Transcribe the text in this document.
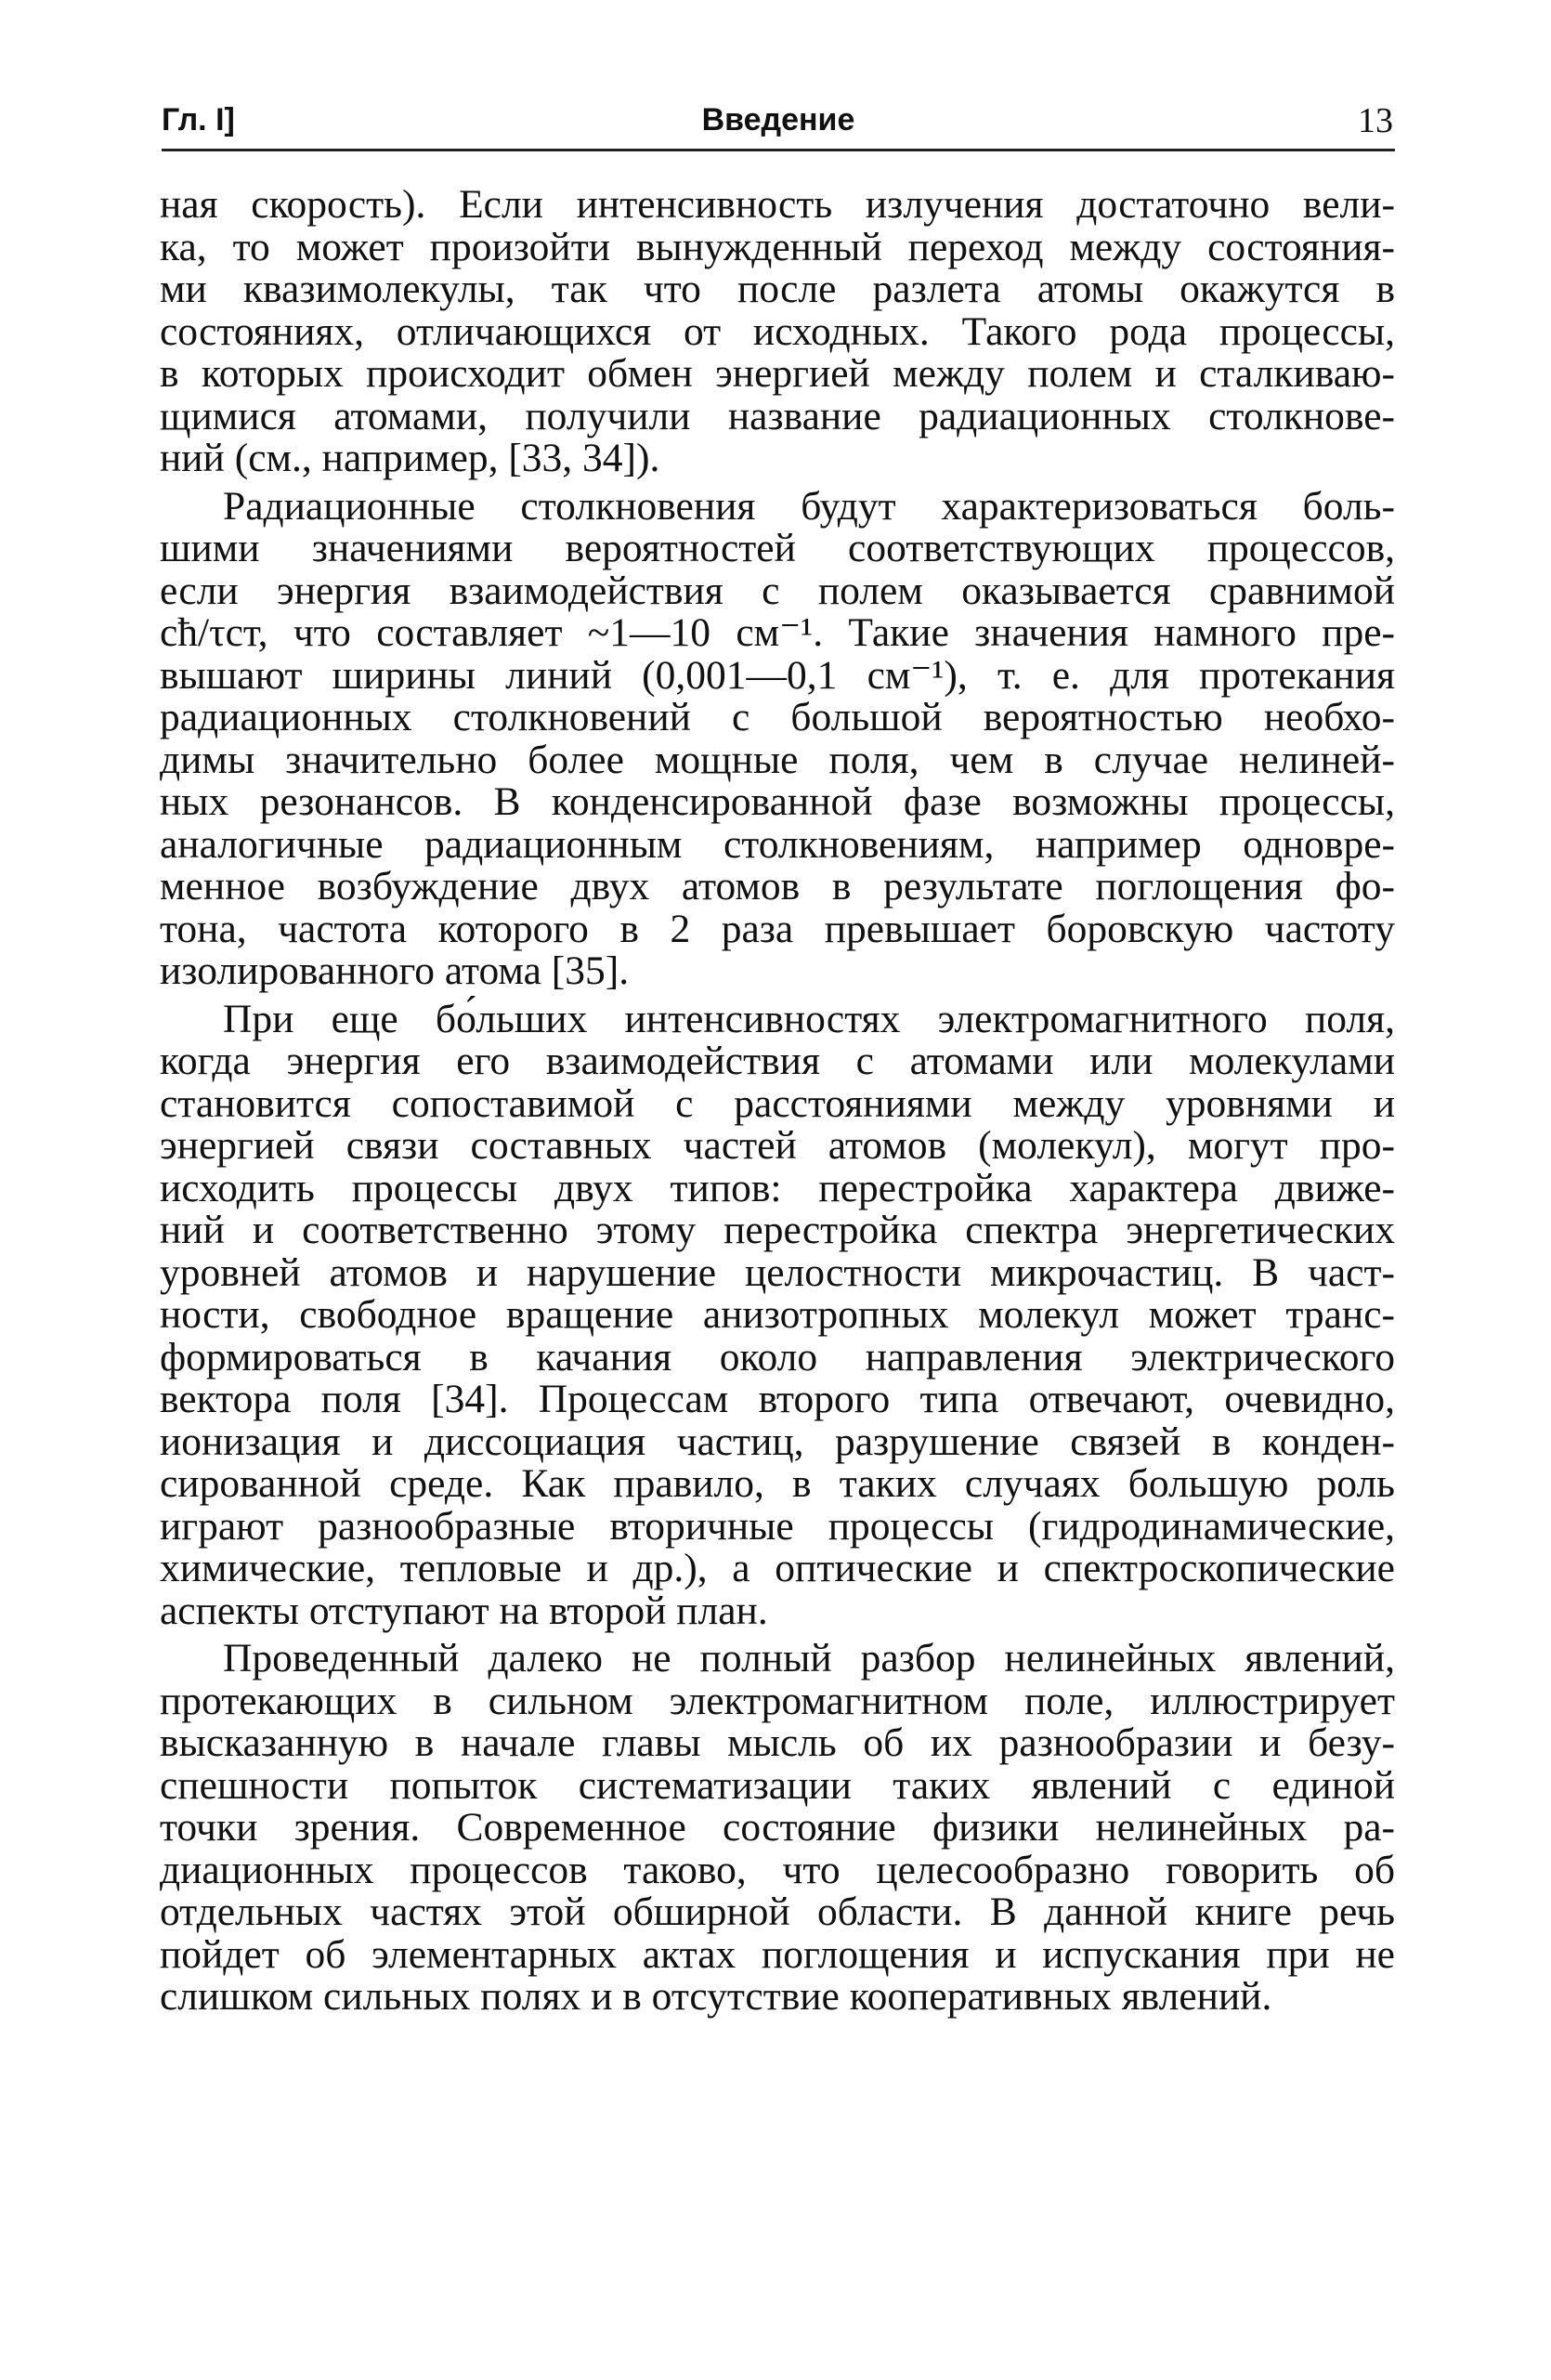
Гл. I]	Введение	13
ная скорость). Если интенсивность излучения достаточно вели-
ка, то может произойти вынужденный переход между состояния-
ми квазимолекулы, так что после разлета атомы окажутся в
состояниях, отличающихся от исходных. Такого рода процессы,
в которых происходит обмен энергией между полем и сталкиваю-
щимися атомами, получили название радиационных столкнове-
ний (см., например, [33, 34]).
Радиационные столкновения будут характеризоваться боль-
шими значениями вероятностей соответствующих процессов,
если энергия взаимодействия с полем оказывается сравнимой
cħ/τст, что составляет ~1—10 см⁻¹. Такие значения намного пре-
вышают ширины линий (0,001—0,1 см⁻¹), т. е. для протекания
радиационных столкновений с большой вероятностью необхо-
димы значительно более мощные поля, чем в случае нелиней-
ных резонансов. В конденсированной фазе возможны процессы,
аналогичные радиационным столкновениям, например одновре-
менное возбуждение двух атомов в результате поглощения фо-
тона, частота которого в 2 раза превышает боровскую частоту
изолированного атома [35].
При еще бо́льших интенсивностях электромагнитного поля,
когда энергия его взаимодействия с атомами или молекулами
становится сопоставимой с расстояниями между уровнями и
энергией связи составных частей атомов (молекул), могут про-
исходить процессы двух типов: перестройка характера движе-
ний и соответственно этому перестройка спектра энергетических
уровней атомов и нарушение целостности микрочастиц. В част-
ности, свободное вращение анизотропных молекул может транс-
формироваться в качания около направления электрического
вектора поля [34]. Процессам второго типа отвечают, очевидно,
ионизация и диссоциация частиц, разрушение связей в конден-
сированной среде. Как правило, в таких случаях большую роль
играют разнообразные вторичные процессы (гидродинамические,
химические, тепловые и др.), а оптические и спектроскопические
аспекты отступают на второй план.
Проведенный далеко не полный разбор нелинейных явлений,
протекающих в сильном электромагнитном поле, иллюстрирует
высказанную в начале главы мысль об их разнообразии и безу-
спешности попыток систематизации таких явлений с единой
точки зрения. Современное состояние физики нелинейных ра-
диационных процессов таково, что целесообразно говорить об
отдельных частях этой обширной области. В данной книге речь
пойдет об элементарных актах поглощения и испускания при не
слишком сильных полях и в отсутствие кооперативных явлений.
